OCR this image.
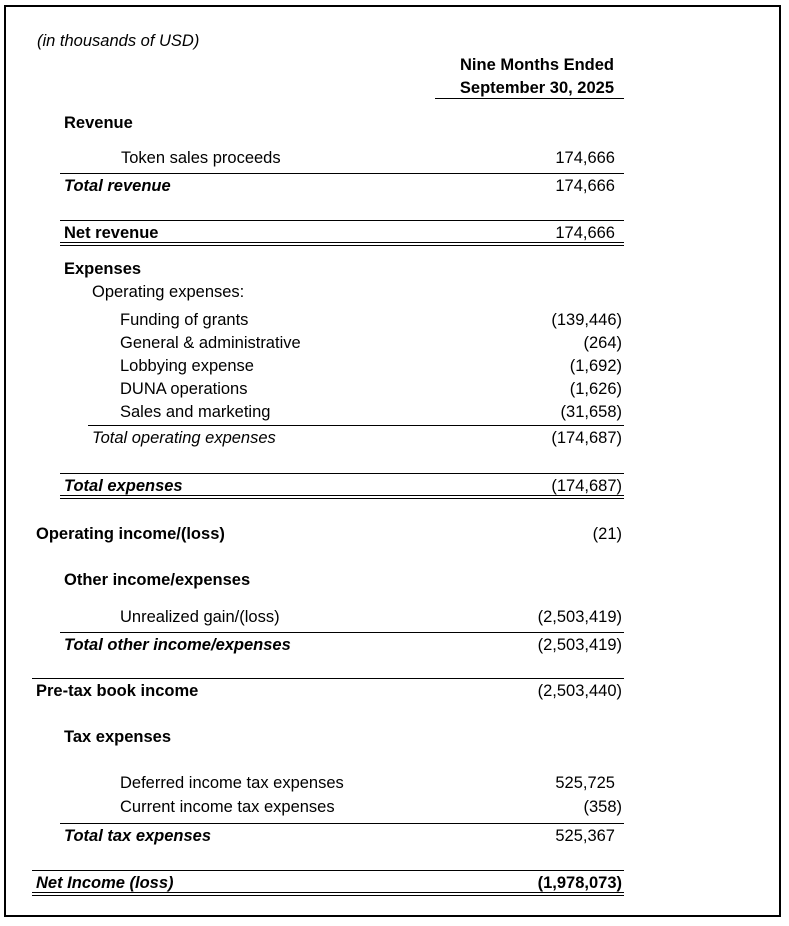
(in thousands of USD)
Nine Months Ended
September 30, 2025
Revenue
Token sales proceeds	174,666
Total revenue	174,666
Net revenue	174,666
Expenses
Operating expenses:
Funding of grants	(139,446)
General & administrative	(264)
Lobbying expense	(1,692)
DUNA operations	(1,626)
Sales and marketing	(31,658)
Total operating expenses	(174,687)
Total expenses	(174,687)
Operating income/(loss)	(21)
Other income/expenses
Unrealized gain/(loss)	(2,503,419)
Total other income/expenses	(2,503,419)
Pre-tax book income	(2,503,440)
Tax expenses
Deferred income tax expenses	525,725
Current income tax expenses	(358)
Total tax expenses	525,367
Net Income (loss)	(1,978,073)
